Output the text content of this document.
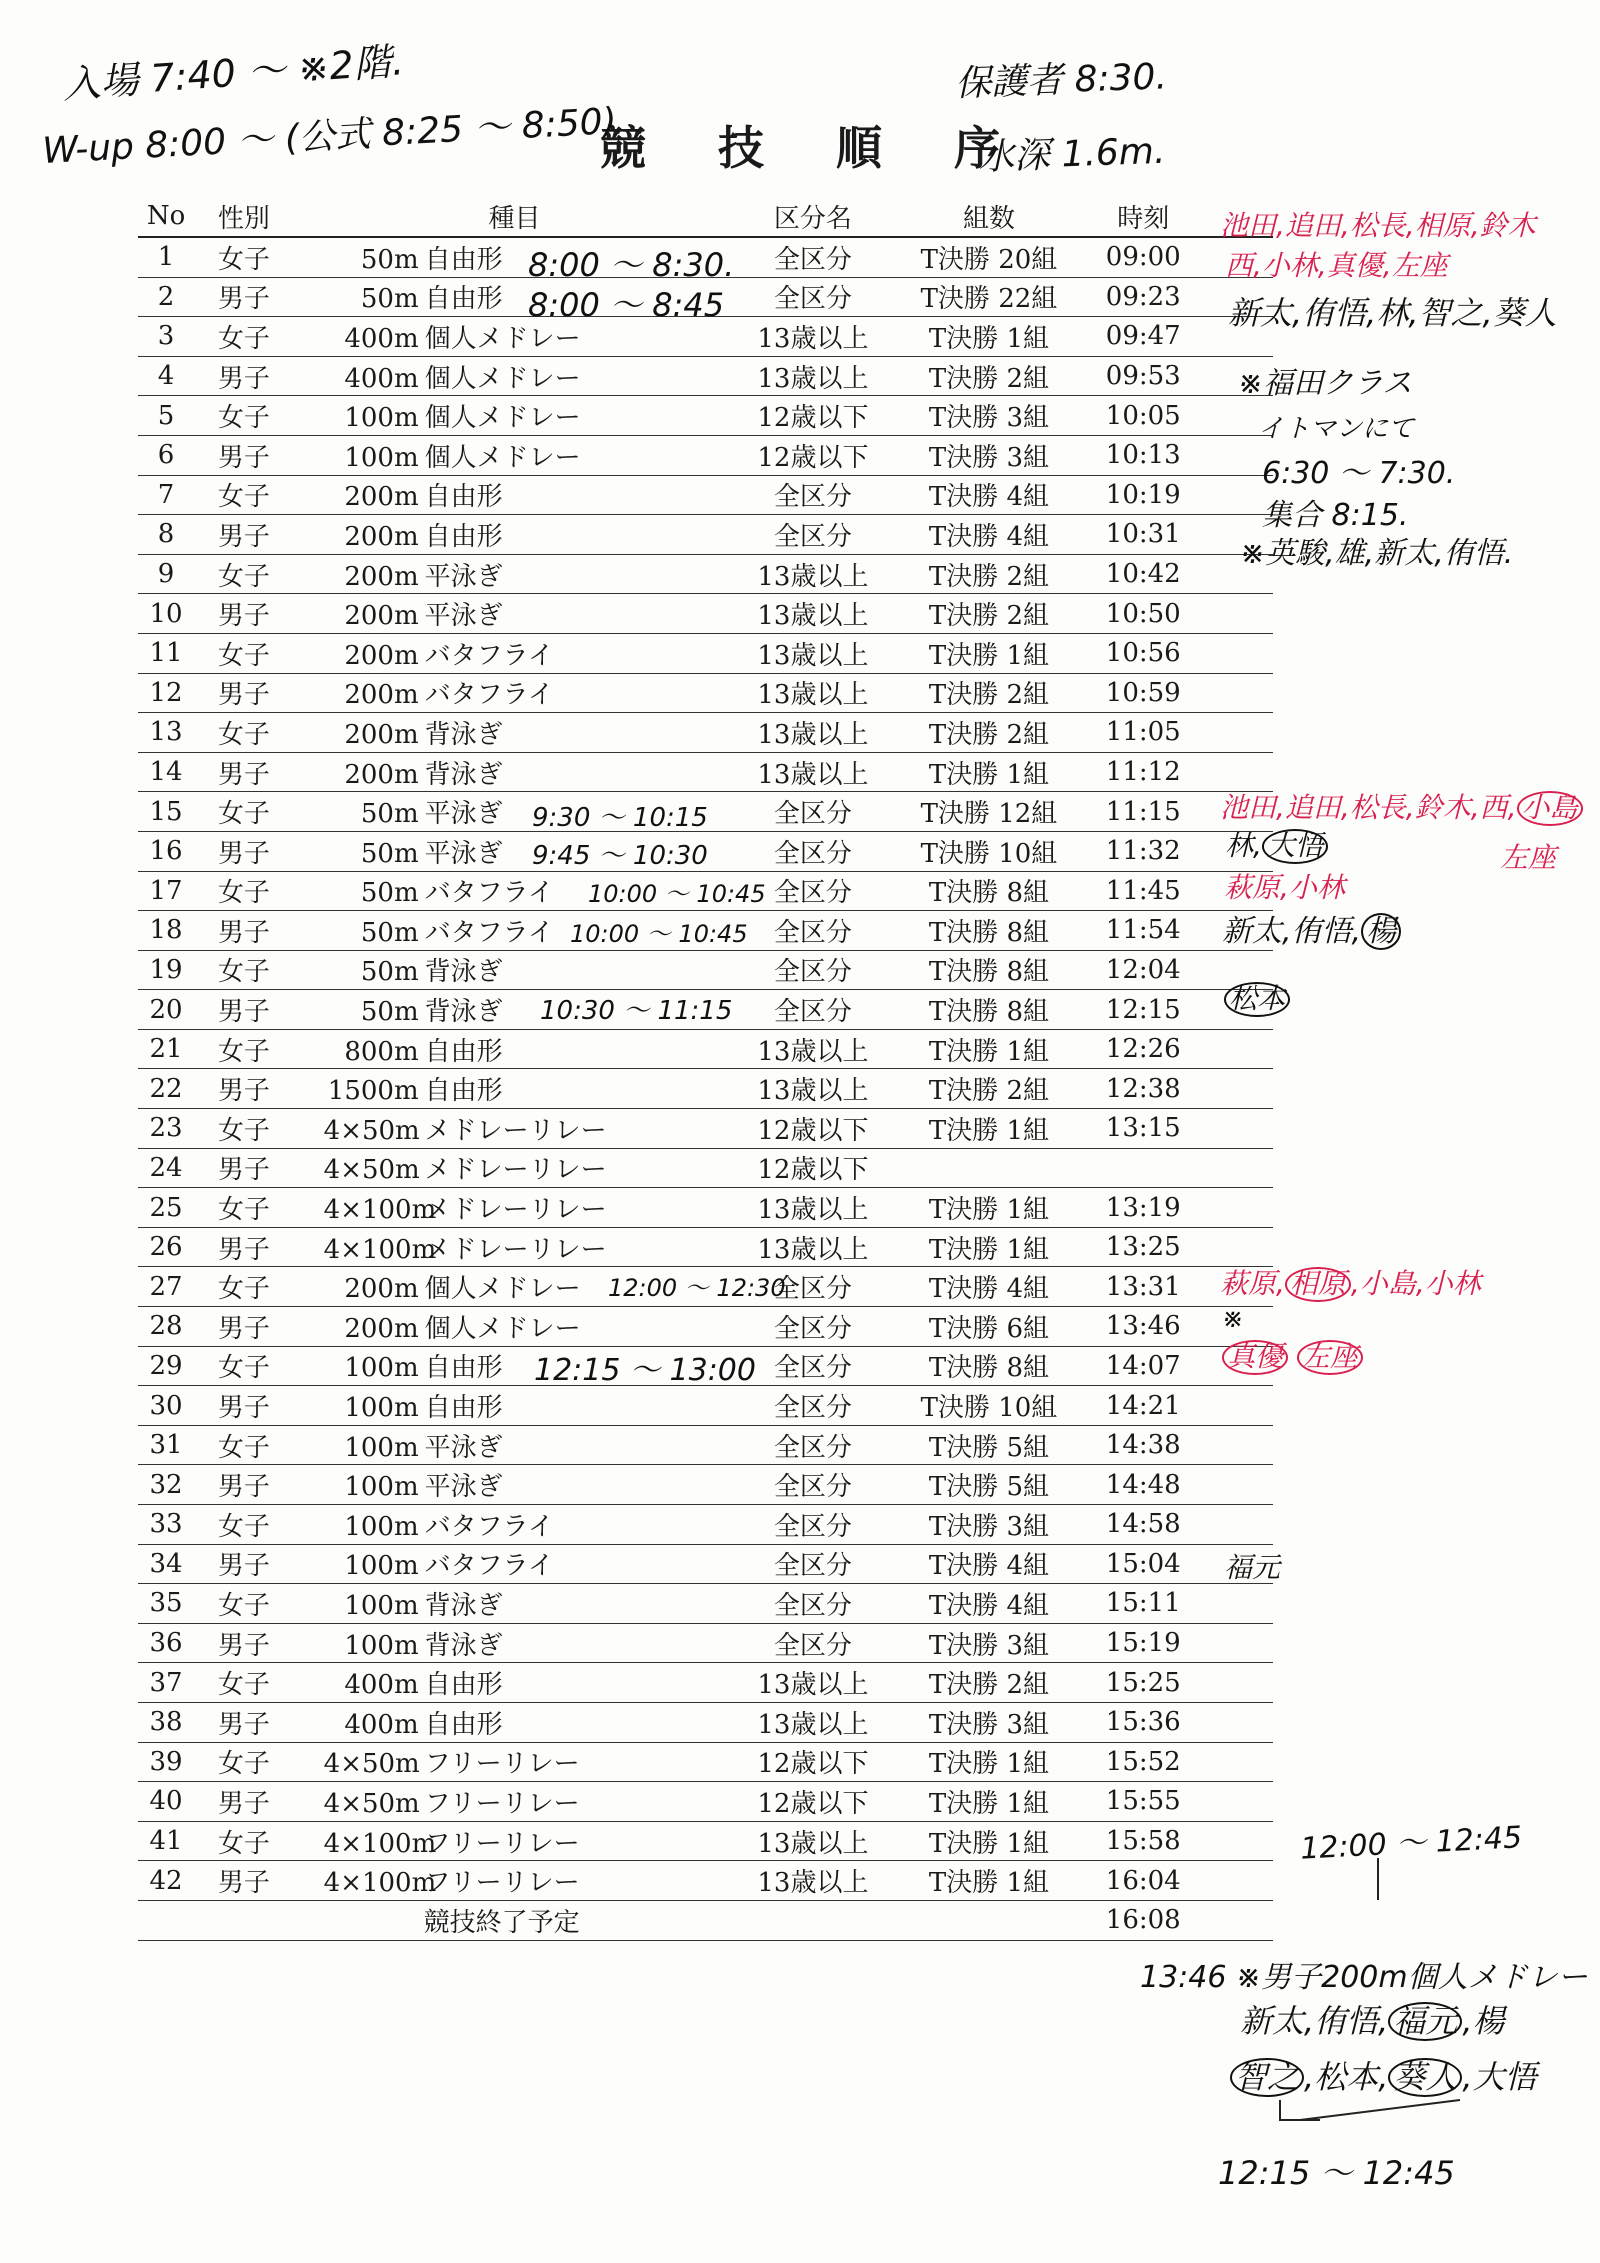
競 技 順 序
入場 7:40 〜 ※2階.
W-up 8:00 〜 (公式 8:25 〜 8:50)
保護者 8:30.
水深 1.6m.
No	性別	種目	区分名	組数	時刻	
1	女子	50m 自由形	全区分	T決勝 20組	09:00	
2	男子	50m 自由形	全区分	T決勝 22組	09:23	
3	女子	400m 個人メドレー	13歳以上	T決勝 1組	09:47	
4	男子	400m 個人メドレー	13歳以上	T決勝 2組	09:53	
5	女子	100m 個人メドレー	12歳以下	T決勝 3組	10:05	
6	男子	100m 個人メドレー	12歳以下	T決勝 3組	10:13	
7	女子	200m 自由形	全区分	T決勝 4組	10:19	
8	男子	200m 自由形	全区分	T決勝 4組	10:31	
9	女子	200m 平泳ぎ	13歳以上	T決勝 2組	10:42	
10	男子	200m 平泳ぎ	13歳以上	T決勝 2組	10:50	
11	女子	200m バタフライ	13歳以上	T決勝 1組	10:56	
12	男子	200m バタフライ	13歳以上	T決勝 2組	10:59	
13	女子	200m 背泳ぎ	13歳以上	T決勝 2組	11:05	
14	男子	200m 背泳ぎ	13歳以上	T決勝 1組	11:12	
15	女子	50m 平泳ぎ	全区分	T決勝 12組	11:15	
16	男子	50m 平泳ぎ	全区分	T決勝 10組	11:32	
17	女子	50m バタフライ	全区分	T決勝 8組	11:45	
18	男子	50m バタフライ	全区分	T決勝 8組	11:54	
19	女子	50m 背泳ぎ	全区分	T決勝 8組	12:04	
20	男子	50m 背泳ぎ	全区分	T決勝 8組	12:15	
21	女子	800m 自由形	13歳以上	T決勝 1組	12:26	
22	男子	1500m 自由形	13歳以上	T決勝 2組	12:38	
23	女子	4×50m メドレーリレー	12歳以下	T決勝 1組	13:15	
24	男子	4×50m メドレーリレー	12歳以下			
25	女子	4×100mメドレーリレー	13歳以上	T決勝 1組	13:19	
26	男子	4×100mメドレーリレー	13歳以上	T決勝 1組	13:25	
27	女子	200m 個人メドレー	全区分	T決勝 4組	13:31	
28	男子	200m 個人メドレー	全区分	T決勝 6組	13:46	
29	女子	100m 自由形	全区分	T決勝 8組	14:07	
30	男子	100m 自由形	全区分	T決勝 10組	14:21	
31	女子	100m 平泳ぎ	全区分	T決勝 5組	14:38	
32	男子	100m 平泳ぎ	全区分	T決勝 5組	14:48	
33	女子	100m バタフライ	全区分	T決勝 3組	14:58	
34	男子	100m バタフライ	全区分	T決勝 4組	15:04	
35	女子	100m 背泳ぎ	全区分	T決勝 4組	15:11	
36	男子	100m 背泳ぎ	全区分	T決勝 3組	15:19	
37	女子	400m 自由形	13歳以上	T決勝 2組	15:25	
38	男子	400m 自由形	13歳以上	T決勝 3組	15:36	
39	女子	4×50m フリーリレー	12歳以下	T決勝 1組	15:52	
40	男子	4×50m フリーリレー	12歳以下	T決勝 1組	15:55	
41	女子	4×100mフリーリレー	13歳以上	T決勝 1組	15:58	
42	男子	4×100mフリーリレー	13歳以上	T決勝 1組	16:04	
		競技終了予定			16:08	
8:00 〜 8:30.
8:00 〜 8:45
9:30 〜 10:15
9:45 〜 10:30
10:00 〜 10:45
10:00 〜 10:45
10:30 〜 11:15
12:00 〜 12:30
12:15 〜 13:00
池田,追田,松長,相原,鈴木
西,小林,真優,左座
新太,侑悟,林,智之,葵人
※福田クラス
イトマンにて
6:30 〜 7:30.
集合 8:15.
※英駿,雄,新太,侑悟.
池田,追田,松長,鈴木,西, 小島
林, 大悟	左座
萩原,小林
新太,侑悟, 楊
松本
萩原, 相原 ,小島,小林
※
真優 左座
福元
12:00 〜 12:45
13:46 ※男子200m個人メドレー
新太,侑悟, 福元 ,楊
智之 ,松本, 葵人 ,大悟
12:15 〜 12:45
